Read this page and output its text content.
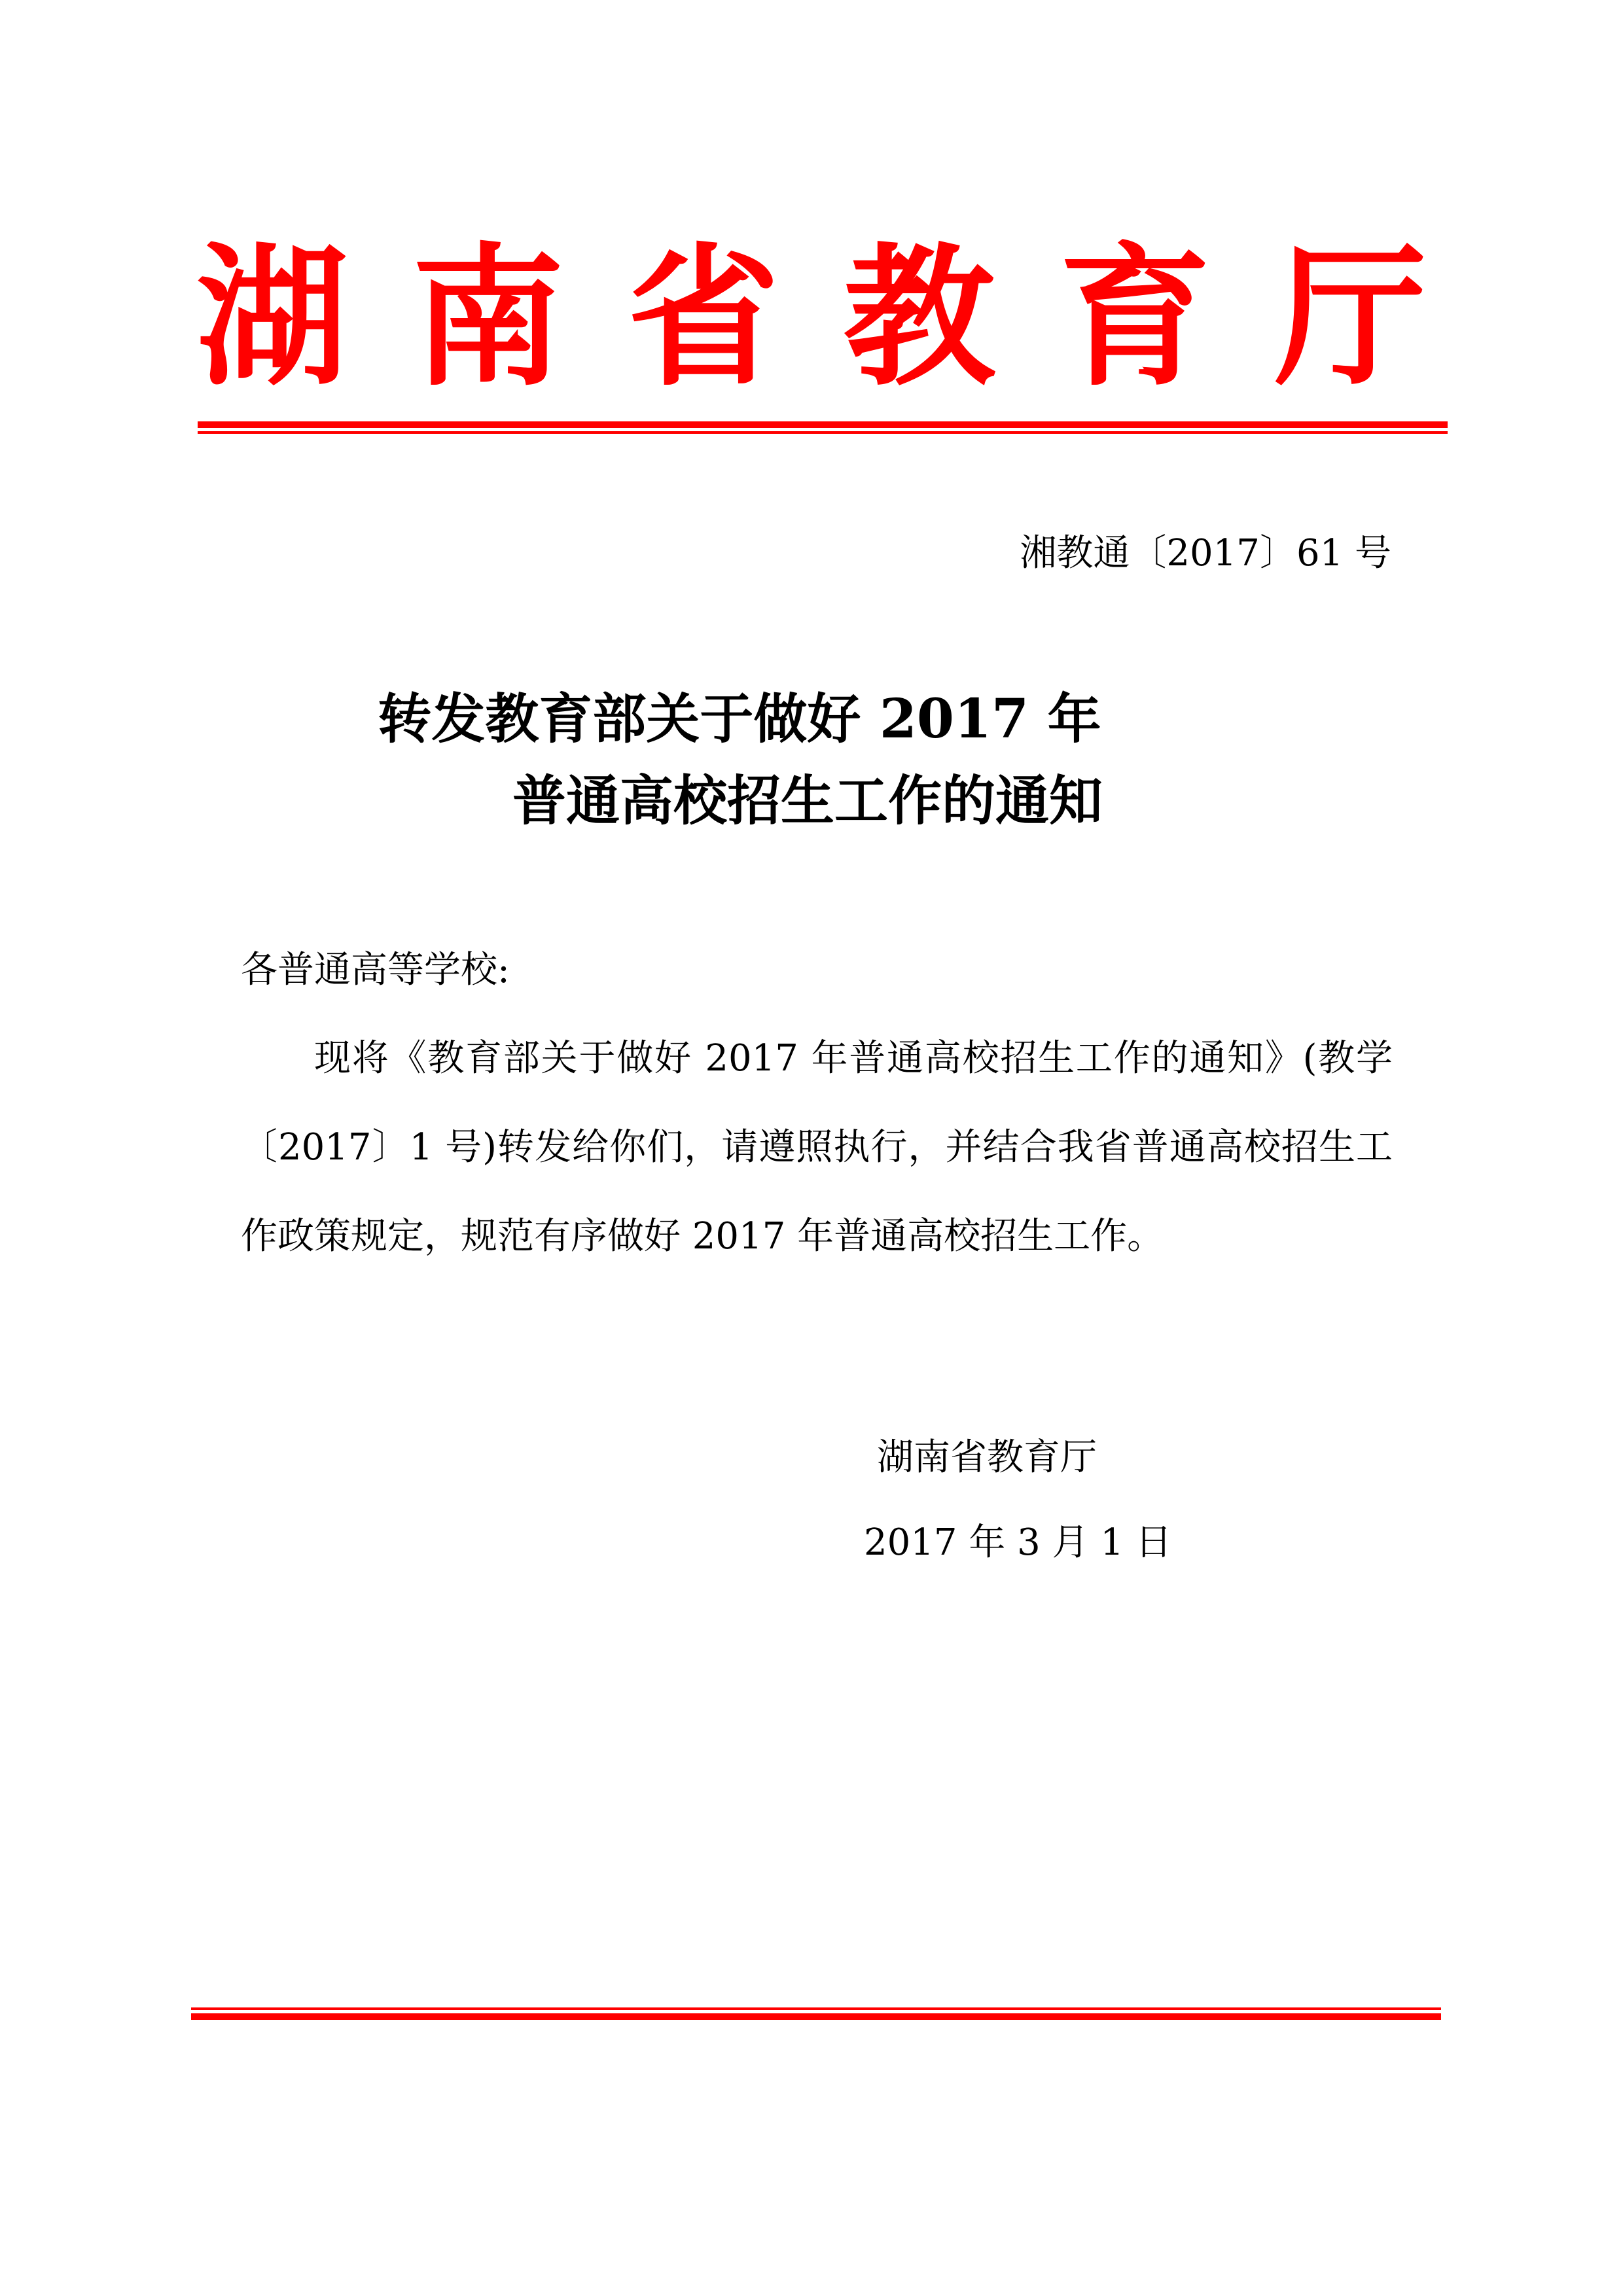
湖 南 省 教 育 厅
湘教通〔2017〕61 号
转发教育部关于做好 2017 年
普通高校招生工作的通知
各普通高等学校:

现将《教育部关于做好 2017 年普通高校招生工作的通知》(教学〔2017〕1 号)转发给你们，请遵照执行，并结合我省普通高校招生工作政策规定，规范有序做好 2017 年普通高校招生工作。

湖南省教育厅
2017 年 3 月 1 日
